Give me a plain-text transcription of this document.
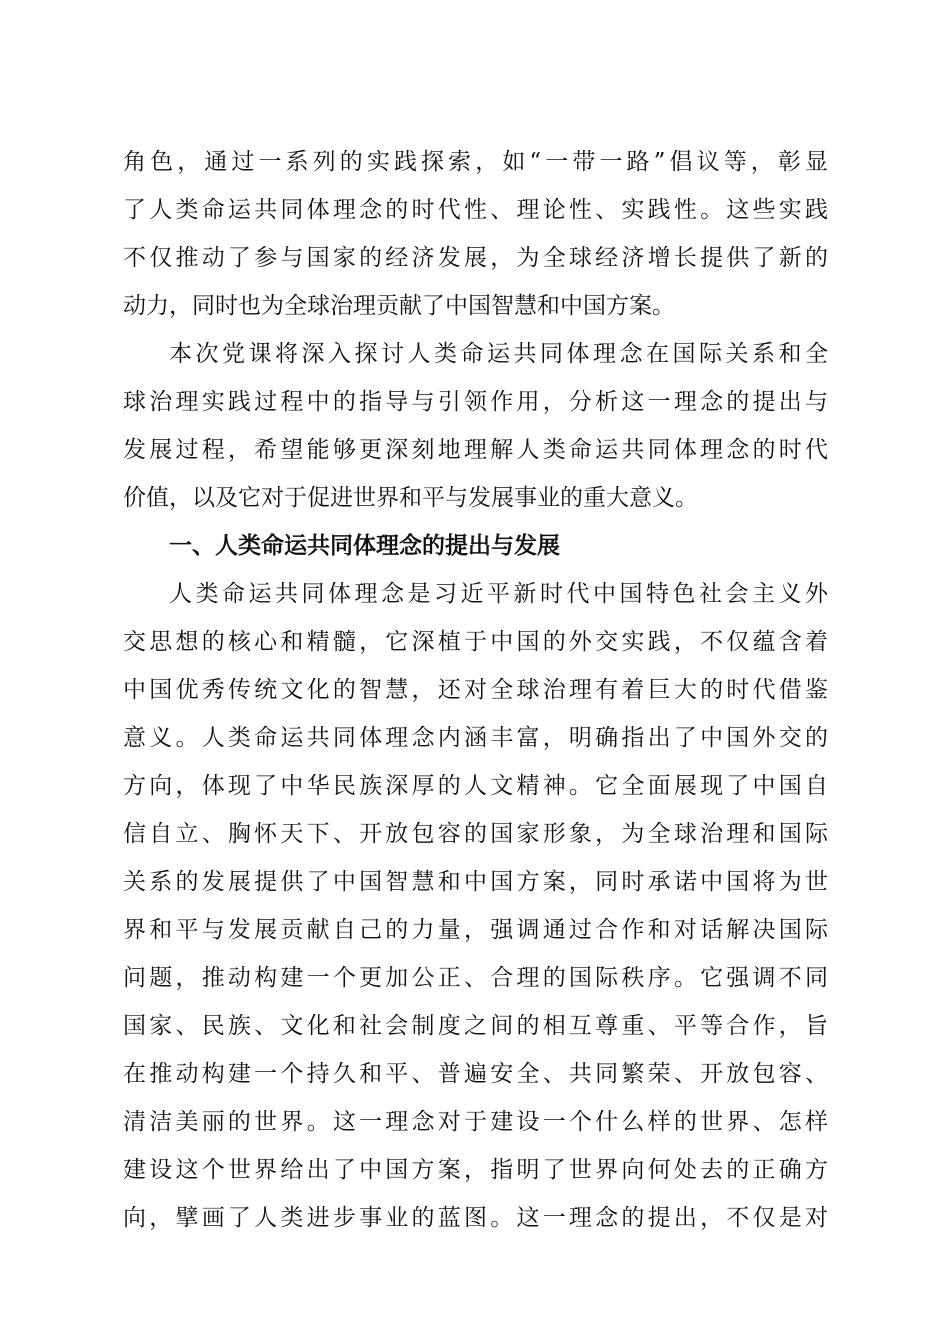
角色，通过一系列的实践探索，如“一带一路”倡议等，彰显
了人类命运共同体理念的时代性、理论性、实践性。这些实践
不仅推动了参与国家的经济发展，为全球经济增长提供了新的
动力，同时也为全球治理贡献了中国智慧和中国方案。
本次党课将深入探讨人类命运共同体理念在国际关系和全
球治理实践过程中的指导与引领作用，分析这一理念的提出与
发展过程，希望能够更深刻地理解人类命运共同体理念的时代
价值，以及它对于促进世界和平与发展事业的重大意义。
一、人类命运共同体理念的提出与发展
人类命运共同体理念是习近平新时代中国特色社会主义外
交思想的核心和精髓，它深植于中国的外交实践，不仅蕴含着
中国优秀传统文化的智慧，还对全球治理有着巨大的时代借鉴
意义。人类命运共同体理念内涵丰富，明确指出了中国外交的
方向，体现了中华民族深厚的人文精神。它全面展现了中国自
信自立、胸怀天下、开放包容的国家形象，为全球治理和国际
关系的发展提供了中国智慧和中国方案，同时承诺中国将为世
界和平与发展贡献自己的力量，强调通过合作和对话解决国际
问题，推动构建一个更加公正、合理的国际秩序。它强调不同
国家、民族、文化和社会制度之间的相互尊重、平等合作，旨
在推动构建一个持久和平、普遍安全、共同繁荣、开放包容、
清洁美丽的世界。这一理念对于建设一个什么样的世界、怎样
建设这个世界给出了中国方案，指明了世界向何处去的正确方
向，擘画了人类进步事业的蓝图。这一理念的提出，不仅是对
